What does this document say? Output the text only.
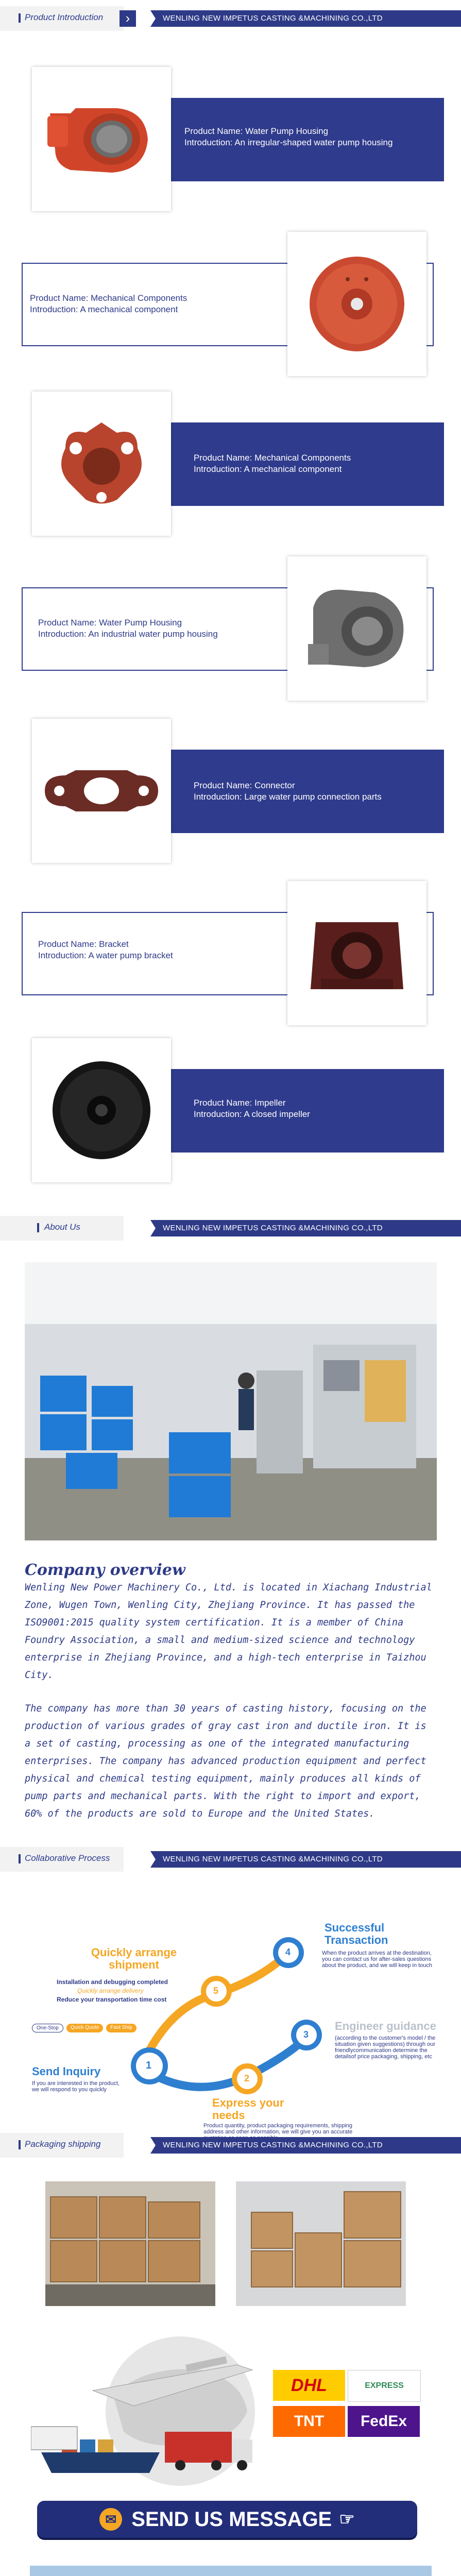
Product Introduction	›	WENLING NEW IMPETUS CASTING &MACHINING CO.,LTD
Product Name: Water Pump Housing
Introduction: An irregular-shaped water pump housing
Product Name: Mechanical Components
Introduction: A mechanical component
Product Name: Mechanical Components
Introduction: A mechanical component
Product Name: Water Pump Housing
Introduction: An industrial water pump housing
Product Name: Connector
Introduction: Large water pump connection parts
Product Name: Bracket
Introduction: A water pump bracket
Product Name: Impeller
Introduction: A closed impeller
About Us	WENLING NEW IMPETUS CASTING &MACHINING CO.,LTD
Company overview
Wenling New Power Machinery Co., Ltd. is located in Xiachang Industrial Zone, Wugen Town, Wenling City, Zhejiang Province. It has passed the ISO9001:2015 quality system certification. It is a member of China Foundry Association, a small and medium-sized science and technology enterprise in Zhejiang Province, and a high-tech enterprise in Taizhou City.
The company has more than 30 years of casting history, focusing on the production of various grades of gray cast iron and ductile iron. It is a set of casting, processing as one of the integrated manufacturing enterprises. The company has advanced production equipment and perfect physical and chemical testing equipment, mainly produces all kinds of pump parts and mechanical parts. With the right to import and export, 60% of the products are sold to Europe and the United States.
Collaborative Process	WENLING NEW IMPETUS CASTING &MACHINING CO.,LTD
1
2
3
4
5
Send Inquiry
If you are interested in the product, we will respond to you quickly
Express your needs
Product quantity, product packaging requirements, shipping address and other information, we will give you an accurate
Engineer guidance
(according to the customer's model / the situation given suggestions) through our friendlycommunication determine the detailsof price packaging, shipping, etc
Successful Transaction
When the product arrives at the destination, you can contact us for after-sales questions about the product, and we will keep in touch
Quickly arrange shipment
Installation and debugging completed
Quickly arrange delivery
Reduce your transportation time cost
One-Stop	Quick Quote	Fast Ship
Packaging shipping	WENLING NEW IMPETUS CASTING &MACHINING CO.,LTD
DHL	EXPRESS
TNT FedEx
✉ SEND US MESSAGE ☞
